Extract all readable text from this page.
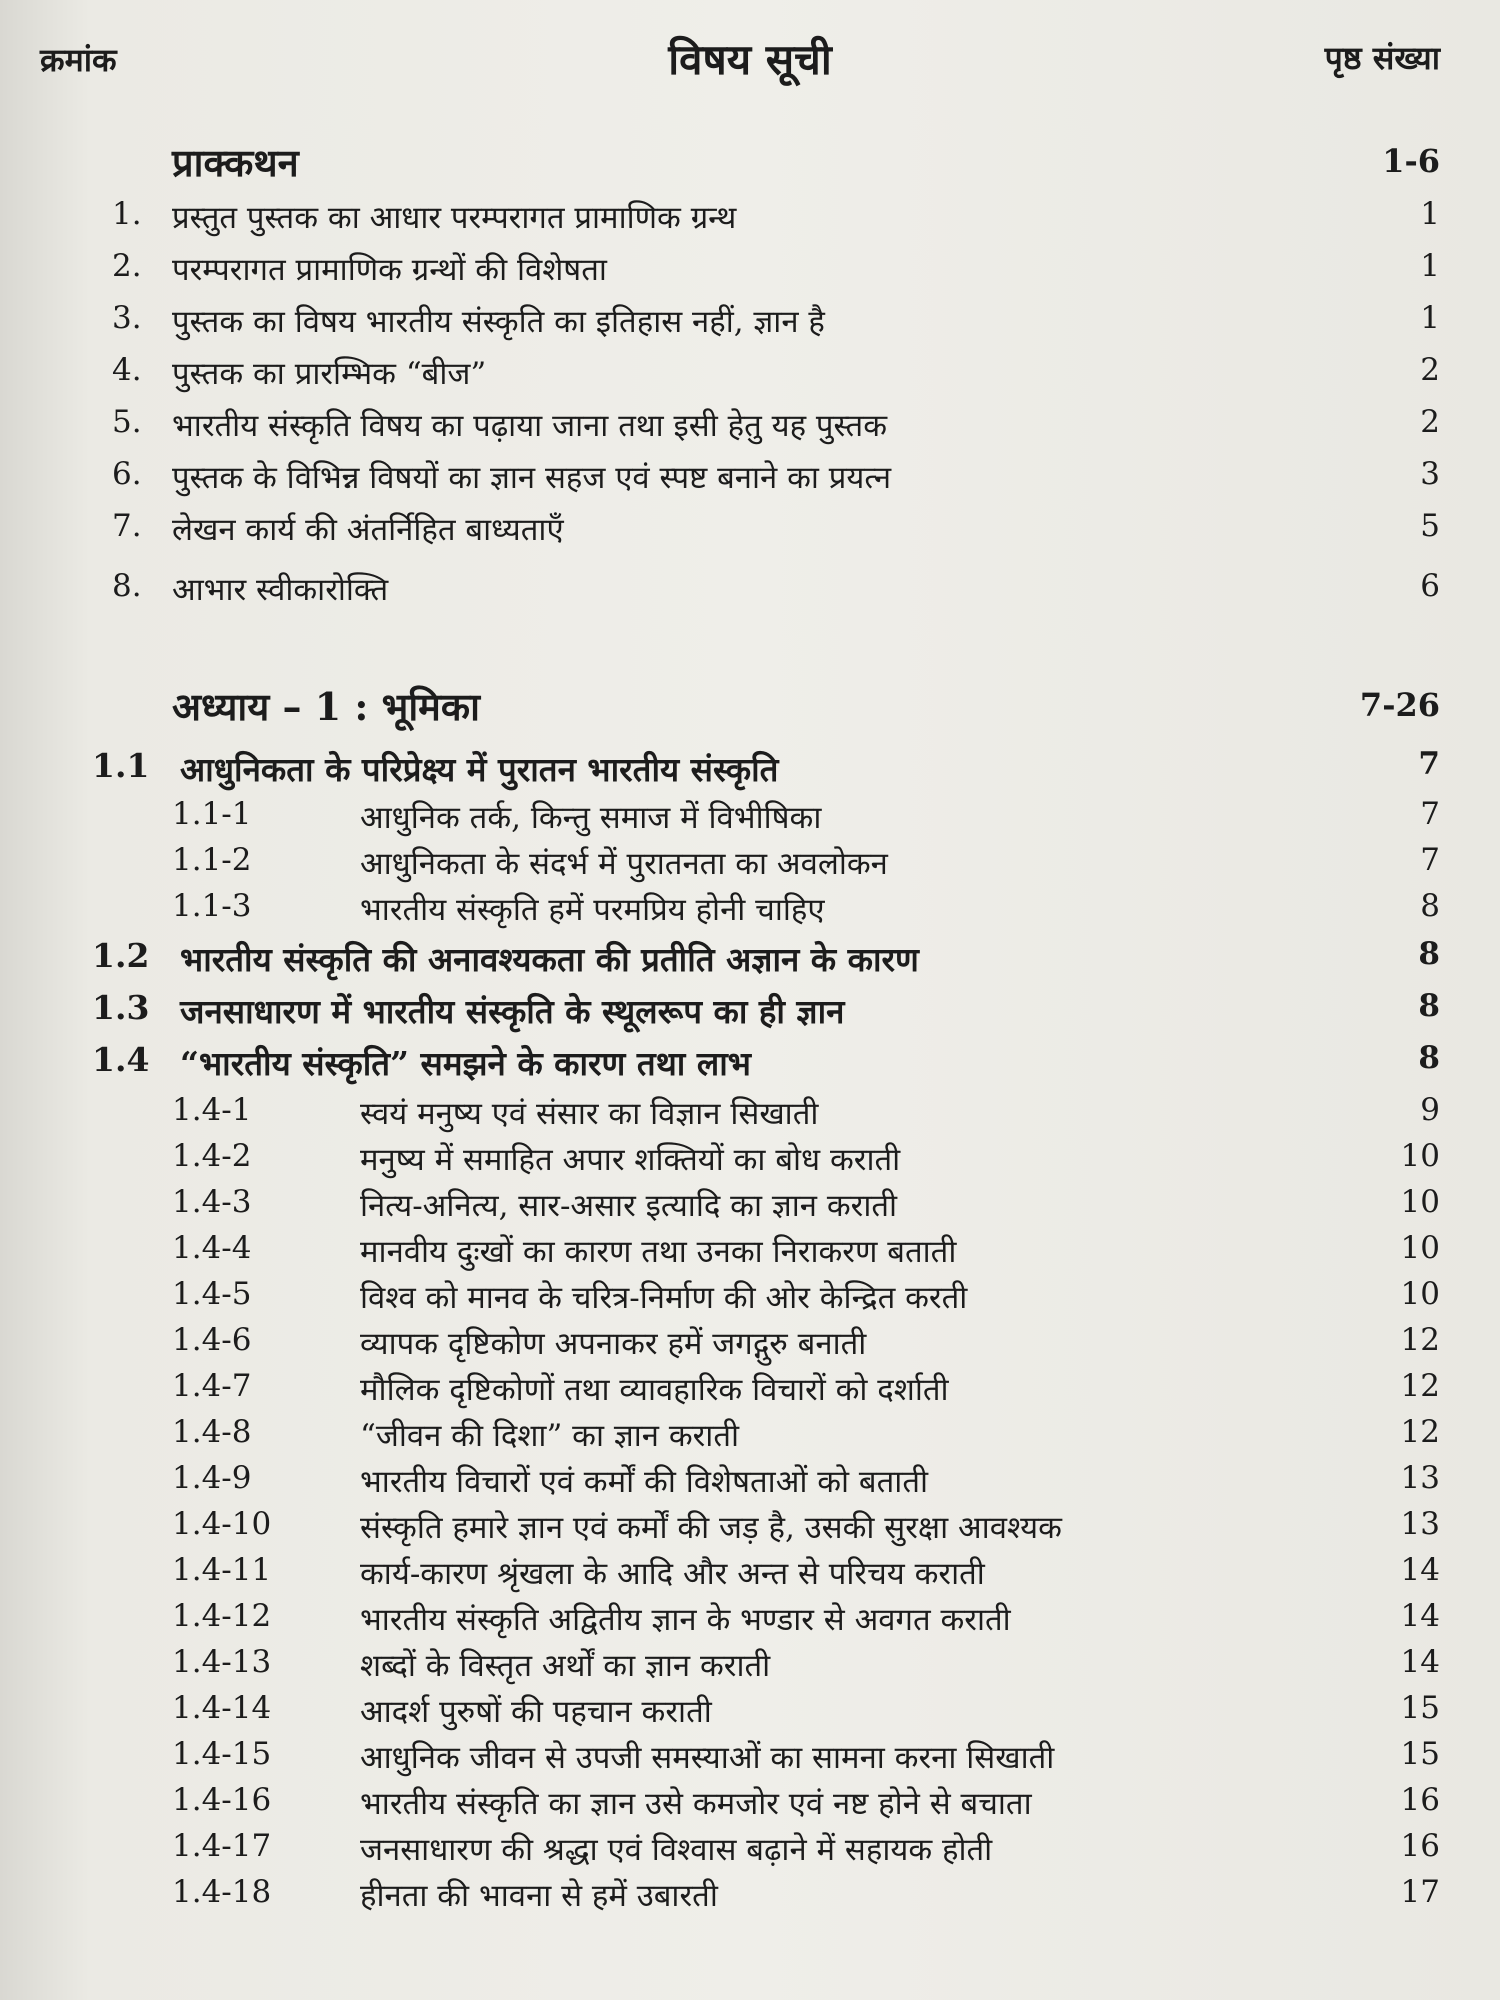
क्रमांक	विषय सूची	पृष्ठ संख्या
प्राक्कथन	1-6
1. प्रस्तुत पुस्तक का आधार परम्परागत प्रामाणिक ग्रन्थ	1
2. परम्परागत प्रामाणिक ग्रन्थों की विशेषता	1
3. पुस्तक का विषय भारतीय संस्कृति का इतिहास नहीं, ज्ञान है	1
4. पुस्तक का प्रारम्भिक “बीज”	2
5. भारतीय संस्कृति विषय का पढ़ाया जाना तथा इसी हेतु यह पुस्तक	2
6. पुस्तक के विभिन्न विषयों का ज्ञान सहज एवं स्पष्ट बनाने का प्रयत्न	3
7. लेखन कार्य की अंतर्निहित बाध्यताएँ	5
8. आभार स्वीकारोक्ति	6
अध्याय – 1 : भूमिका	7-26
1.1 आधुनिकता के परिप्रेक्ष्य में पुरातन भारतीय संस्कृति	7
1.1-1	आधुनिक तर्क, किन्तु समाज में विभीषिका	7
1.1-2	आधुनिकता के संदर्भ में पुरातनता का अवलोकन	7
1.1-3	भारतीय संस्कृति हमें परमप्रिय होनी चाहिए	8
1.2 भारतीय संस्कृति की अनावश्यकता की प्रतीति अज्ञान के कारण	8
1.3 जनसाधारण में भारतीय संस्कृति के स्थूलरूप का ही ज्ञान	8
1.4 “भारतीय संस्कृति” समझने के कारण तथा लाभ	8
1.4-1	स्वयं मनुष्य एवं संसार का विज्ञान सिखाती	9
1.4-2	मनुष्य में समाहित अपार शक्तियों का बोध कराती	10
1.4-3	नित्य-अनित्य, सार-असार इत्यादि का ज्ञान कराती	10
1.4-4	मानवीय दुःखों का कारण तथा उनका निराकरण बताती	10
1.4-5	विश्व को मानव के चरित्र-निर्माण की ओर केन्द्रित करती	10
1.4-6	व्यापक दृष्टिकोण अपनाकर हमें जगद्गुरु बनाती	12
1.4-7	मौलिक दृष्टिकोणों तथा व्यावहारिक विचारों को दर्शाती	12
1.4-8	“जीवन की दिशा” का ज्ञान कराती	12
1.4-9	भारतीय विचारों एवं कर्मों की विशेषताओं को बताती	13
1.4-10	संस्कृति हमारे ज्ञान एवं कर्मों की जड़ है, उसकी सुरक्षा आवश्यक	13
1.4-11	कार्य-कारण श्रृंखला के आदि और अन्त से परिचय कराती	14
1.4-12	भारतीय संस्कृति अद्वितीय ज्ञान के भण्डार से अवगत कराती	14
1.4-13	शब्दों के विस्तृत अर्थों का ज्ञान कराती	14
1.4-14	आदर्श पुरुषों की पहचान कराती	15
1.4-15	आधुनिक जीवन से उपजी समस्याओं का सामना करना सिखाती	15
1.4-16	भारतीय संस्कृति का ज्ञान उसे कमजोर एवं नष्ट होने से बचाता	16
1.4-17	जनसाधारण की श्रद्धा एवं विश्वास बढ़ाने में सहायक होती	16
1.4-18	हीनता की भावना से हमें उबारती	17
